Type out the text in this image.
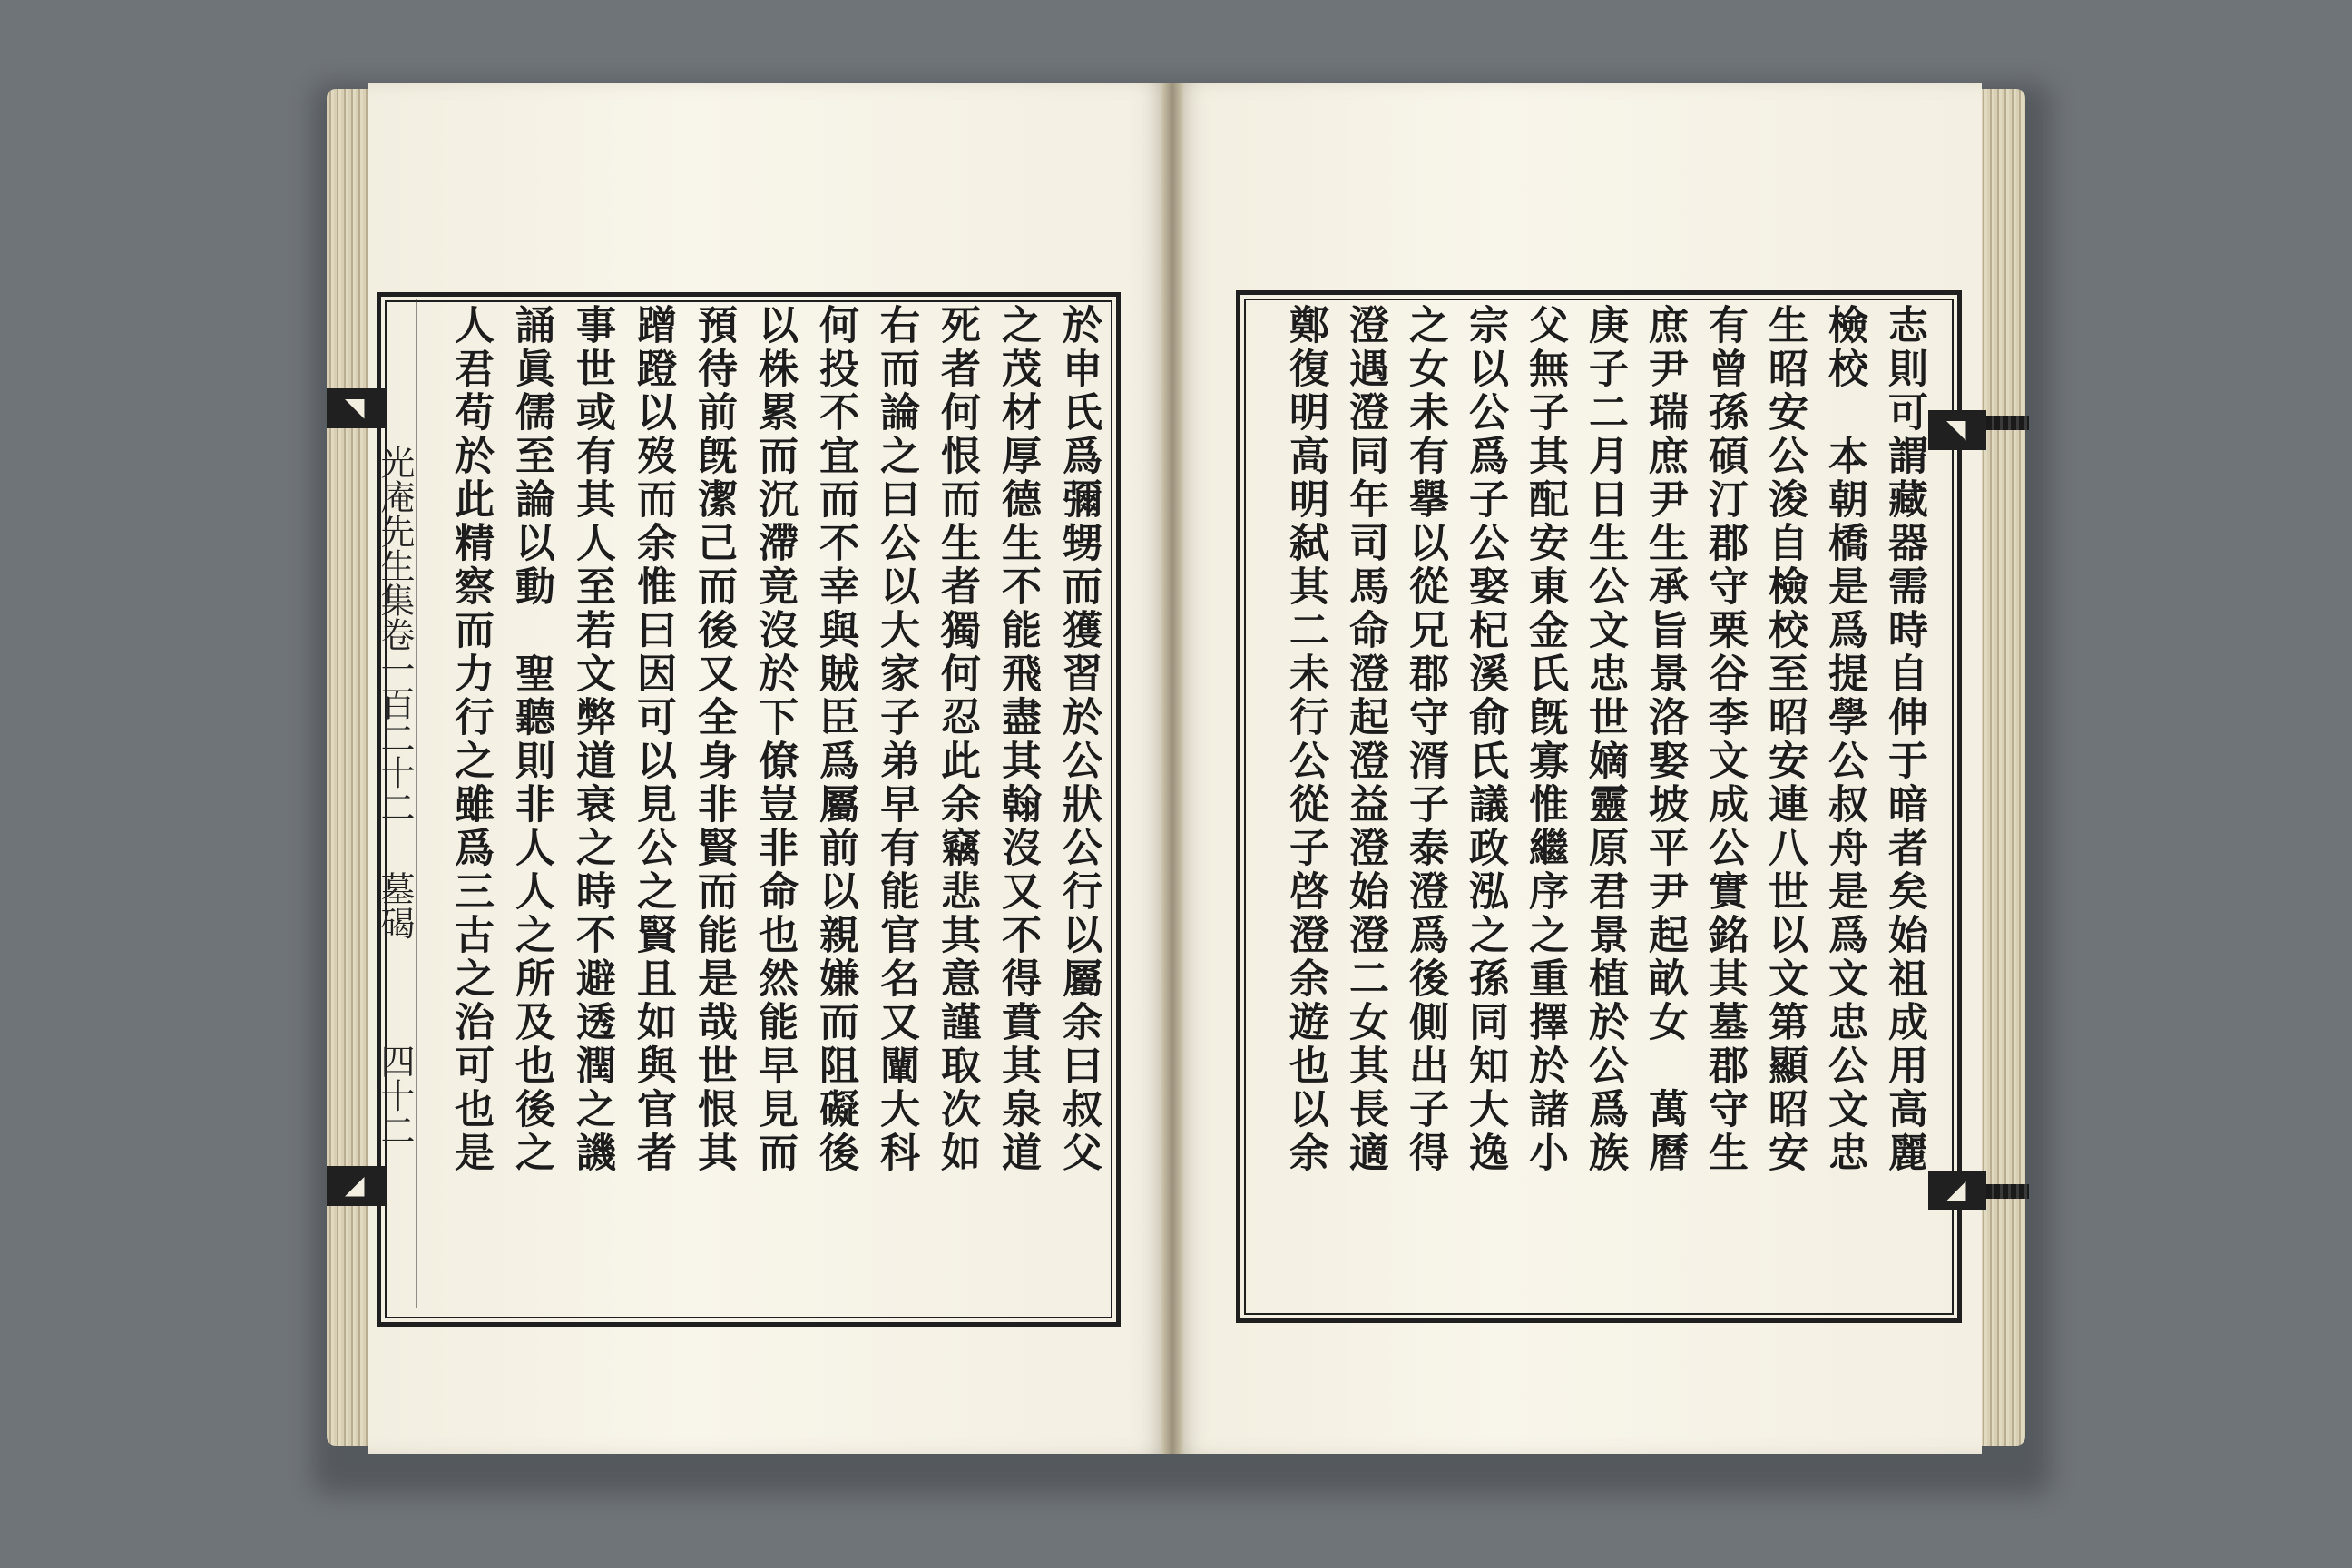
◥
◢
光庵先生集卷一百二十二
墓碣
四十二	於申氏爲彌甥而獲習於公狀公行以屬余曰叔父
之茂材厚德生不能飛盡其翰沒又不得賁其泉道
死者何恨而生者獨何忍此余竊悲其意謹取次如
右而論之曰公以大家子弟早有能官名又闡大科
何投不宜而不幸與賊臣爲屬前以親嫌而阻礙後
以株累而沉滯竟沒於下僚豈非命也然能早見而
預待前旣潔己而後又全身非賢而能是哉世恨其
蹭蹬以歿而余惟曰因可以見公之賢且如與官者
事世或有其人至若文弊道衰之時不避透潤之譏
誦眞儒至論以動　聖聽則非人人之所及也後之
人君苟於此精察而力行之雖爲三古之治可也是	◥
◢
志則可謂藏器需時自伸于暗者矣始祖成用高麗
檢校　本朝橋是爲提學公叔舟是爲文忠公文忠
生昭安公浚自檢校至昭安連八世以文第顯昭安
有曾孫碩汀郡守栗谷李文成公實銘其墓郡守生
庶尹瑞庶尹生承旨景洛娶坡平尹起畝女　萬曆
庚子二月日生公文忠世嫡靈原君景植於公爲族
父無子其配安東金氏旣寡惟繼序之重擇於諸小
宗以公爲子公娶杞溪俞氏議政泓之孫同知大逸
之女未有擧以從兄郡守湑子泰澄爲後側出子得
澄遇澄同年司馬命澄起澄益澄始澄二女其長適
鄭復明高明弑其二未行公從子啓澄余遊也以余
